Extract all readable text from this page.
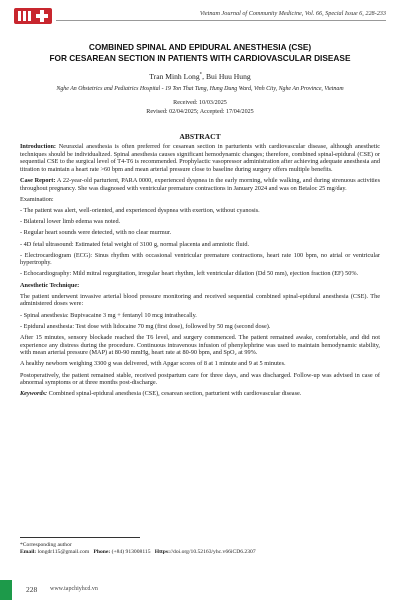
Vietnam Journal of Community Medicine, Vol. 66, Special Issue 6, 228-233
COMBINED SPINAL AND EPIDURAL ANESTHESIA (CSE)
FOR CESAREAN SECTION IN PATIENTS WITH CARDIOVASCULAR DISEASE
Tran Minh Long*, Bui Huu Hung
Nghe An Obstetrics and Pediatrics Hospital - 19 Ton That Tung, Hung Dung Ward, Vinh City, Nghe An Province, Vietnam
Received: 10/03/2025
Revised: 02/04/2025; Accepted: 17/04/2025
ABSTRACT

Introduction: Neuraxial anesthesia is often preferred for cesarean section in parturients with cardiovascular disease, although anesthetic techniques should be individualized. Spinal anesthesia causes significant hemodynamic changes; therefore, combined spinal-epidural (CSE) or sequential CSE to the surgical level of T4-T6 is recommended. Prophylactic vasopressor administration after achieving adequate anesthesia and titration to maintain a heart rate >60 bpm and mean arterial pressure close to baseline during surgery offers multiple benefits.

Case Report: A 22-year-old parturient, PARA 0000, experienced dyspnea in the early morning, while walking, and during strenuous activities throughout pregnancy. She was diagnosed with ventricular premature contractions in January 2024 and was on Betaloc 25 mg/day.

Examination:

- The patient was alert, well-oriented, and experienced dyspnea with exertion, without cyanosis.

- Bilateral lower limb edema was noted.

- Regular heart sounds were detected, with no clear murmur.

- 4D fetal ultrasound: Estimated fetal weight of 3100 g, normal placenta and amniotic fluid.

- Electrocardiogram (ECG): Sinus rhythm with occasional ventricular premature contractions, heart rate 100 bpm, no atrial or ventricular hypertrophy.

- Echocardiography: Mild mitral regurgitation, irregular heart rhythm, left ventricular dilation (Dd 50 mm), ejection fraction (EF) 50%.

Anesthetic Technique:

The patient underwent invasive arterial blood pressure monitoring and received sequential combined spinal-epidural anesthesia (CSE). The administered doses were:

- Spinal anesthesia: Bupivacaine 3 mg + fentanyl 10 mcg intrathecally.

- Epidural anesthesia: Test dose with lidocaine 70 mg (first dose), followed by 50 mg (second dose).

After 15 minutes, sensory blockade reached the T6 level, and surgery commenced. The patient remained awake, comfortable, and did not experience any distress during the procedure. Continuous intravenous infusion of phenylephrine was used to maintain hemodynamic stability, with mean arterial pressure (MAP) at 80-90 mmHg, heart rate at 80-90 bpm, and SpO₂ at 99%.

A healthy newborn weighing 3300 g was delivered, with Apgar scores of 8 at 1 minute and 9 at 5 minutes.

Postoperatively, the patient remained stable, received postpartum care for three days, and was discharged. Follow-up was advised in case of abnormal symptoms or at three months post-discharge.

Keywords: Combined spinal-epidural anesthesia (CSE), cesarean section, parturient with cardiovascular disease.

*Corresponding author
Email: longdr115@gmail.com Phone: (+84) 913008115 Https://doi.org/10.52163/yhc.v66iCD6.2307
228 www.tapchiyhcd.vn
